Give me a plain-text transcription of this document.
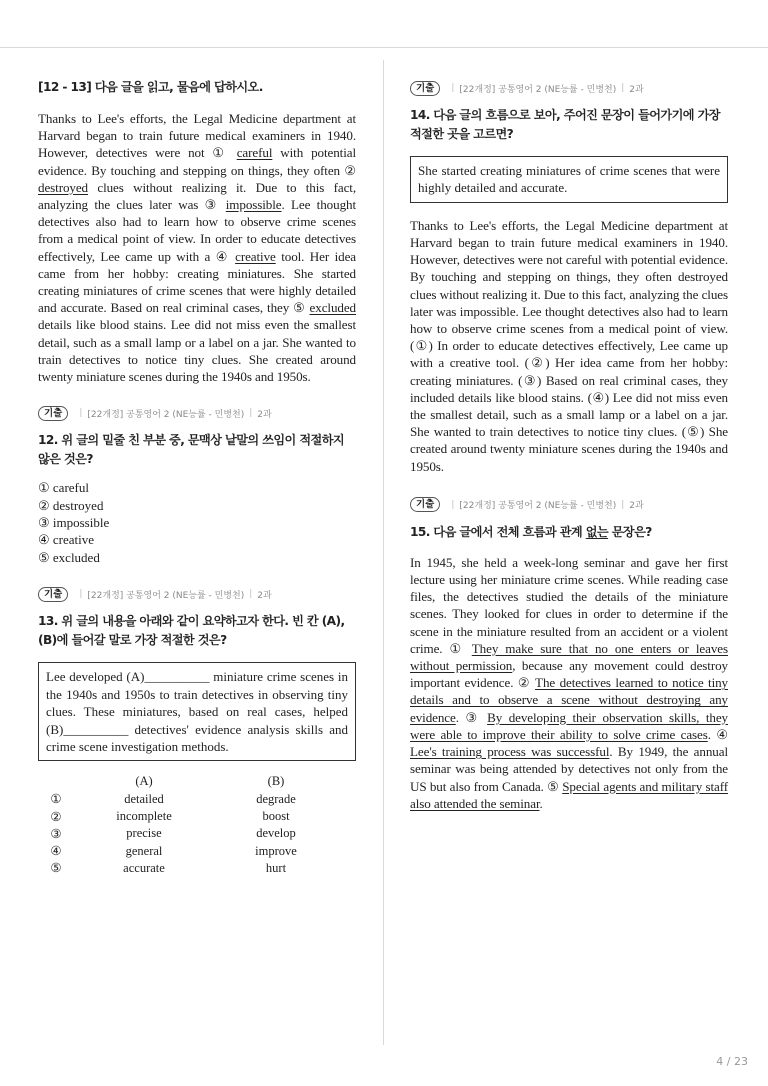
[12 - 13] 다음 글을 읽고, 물음에 답하시오.

Thanks to Lee's efforts, the Legal Medicine department at Harvard began to train future medical examiners in 1940. However, detectives were not ① careful with potential evidence. By touching and stepping on things, they often ② destroyed clues without realizing it. Due to this fact, analyzing the clues later was ③ impossible. Lee thought detectives also had to learn how to observe crime scenes from a medical point of view. In order to educate detectives effectively, Lee came up with a ④ creative tool. Her idea came from her hobby: creating miniatures. She started creating miniatures of crime scenes that were highly detailed and accurate. Based on real criminal cases, they ⑤ excluded details like blood stains. Lee did not miss even the smallest detail, such as a small lamp or a label on a jar. She wanted to train detectives to notice tiny clues. She created around twenty miniature scenes during the 1940s and 1950s.

기출	| [22개정] 공통영어 2 (NE능률 - 민병천) | 2과

12. 위 글의 밑줄 친 부분 중, 문맥상 낱말의 쓰임이 적절하지 않은 것은?

① careful
② destroyed
③ impossible
④ creative
⑤ excluded
기출	| [22개정] 공통영어 2 (NE능률 - 민병천) | 2과

13. 위 글의 내용을 아래와 같이 요약하고자 한다. 빈 칸 (A), (B)에 들어갈 말로 가장 적절한 것은?

Lee developed (A)__________ miniature crime scenes in the 1940s and 1950s to train detectives in observing tiny clues. These miniatures, based on real cases, helped (B)__________ detectives' evidence analysis skills and crime scene investigation methods.
	(A)	(B)
①	detailed	degrade
②	incomplete	boost
③	precise	develop
④	general	improve
⑤	accurate	hurt
기출	| [22개정] 공통영어 2 (NE능률 - 민병천) | 2과

14. 다음 글의 흐름으로 보아, 주어진 문장이 들어가기에 가장 적절한 곳을 고르면?

She started creating miniatures of crime scenes that were highly detailed and accurate.

Thanks to Lee's efforts, the Legal Medicine department at Harvard began to train future medical examiners in 1940. However, detectives were not careful with potential evidence. By touching and stepping on things, they often destroyed clues without realizing it. Due to this fact, analyzing the clues later was impossible. Lee thought detectives also had to learn how to observe crime scenes from a medical point of view. (①) In order to educate detectives effectively, Lee came up with a creative tool. (②) Her idea came from her hobby: creating miniatures. (③) Based on real criminal cases, they included details like blood stains. (④) Lee did not miss even the smallest detail, such as a small lamp or a label on a jar. She wanted to train detectives to notice tiny clues. (⑤) She created around twenty miniature scenes during the 1940s and 1950s.

기출	| [22개정] 공통영어 2 (NE능률 - 민병천) | 2과

15. 다음 글에서 전체 흐름과 관계 없는 문장은?

In 1945, she held a week-long seminar and gave her first lecture using her miniature crime scenes. While reading case files, the detectives studied the details of the miniature scenes. They looked for clues in order to determine if the scene in the miniature resulted from an accident or a violent crime. ① They make sure that no one enters or leaves without permission, because any movement could destroy important evidence. ② The detectives learned to notice tiny details and to observe a scene without destroying any evidence. ③ By developing their observation skills, they were able to improve their ability to solve crime cases. ④ Lee's training process was successful. By 1949, the annual seminar was being attended by detectives not only from the US but also from Canada. ⑤ Special agents and military staff also attended the seminar.

4 / 23
